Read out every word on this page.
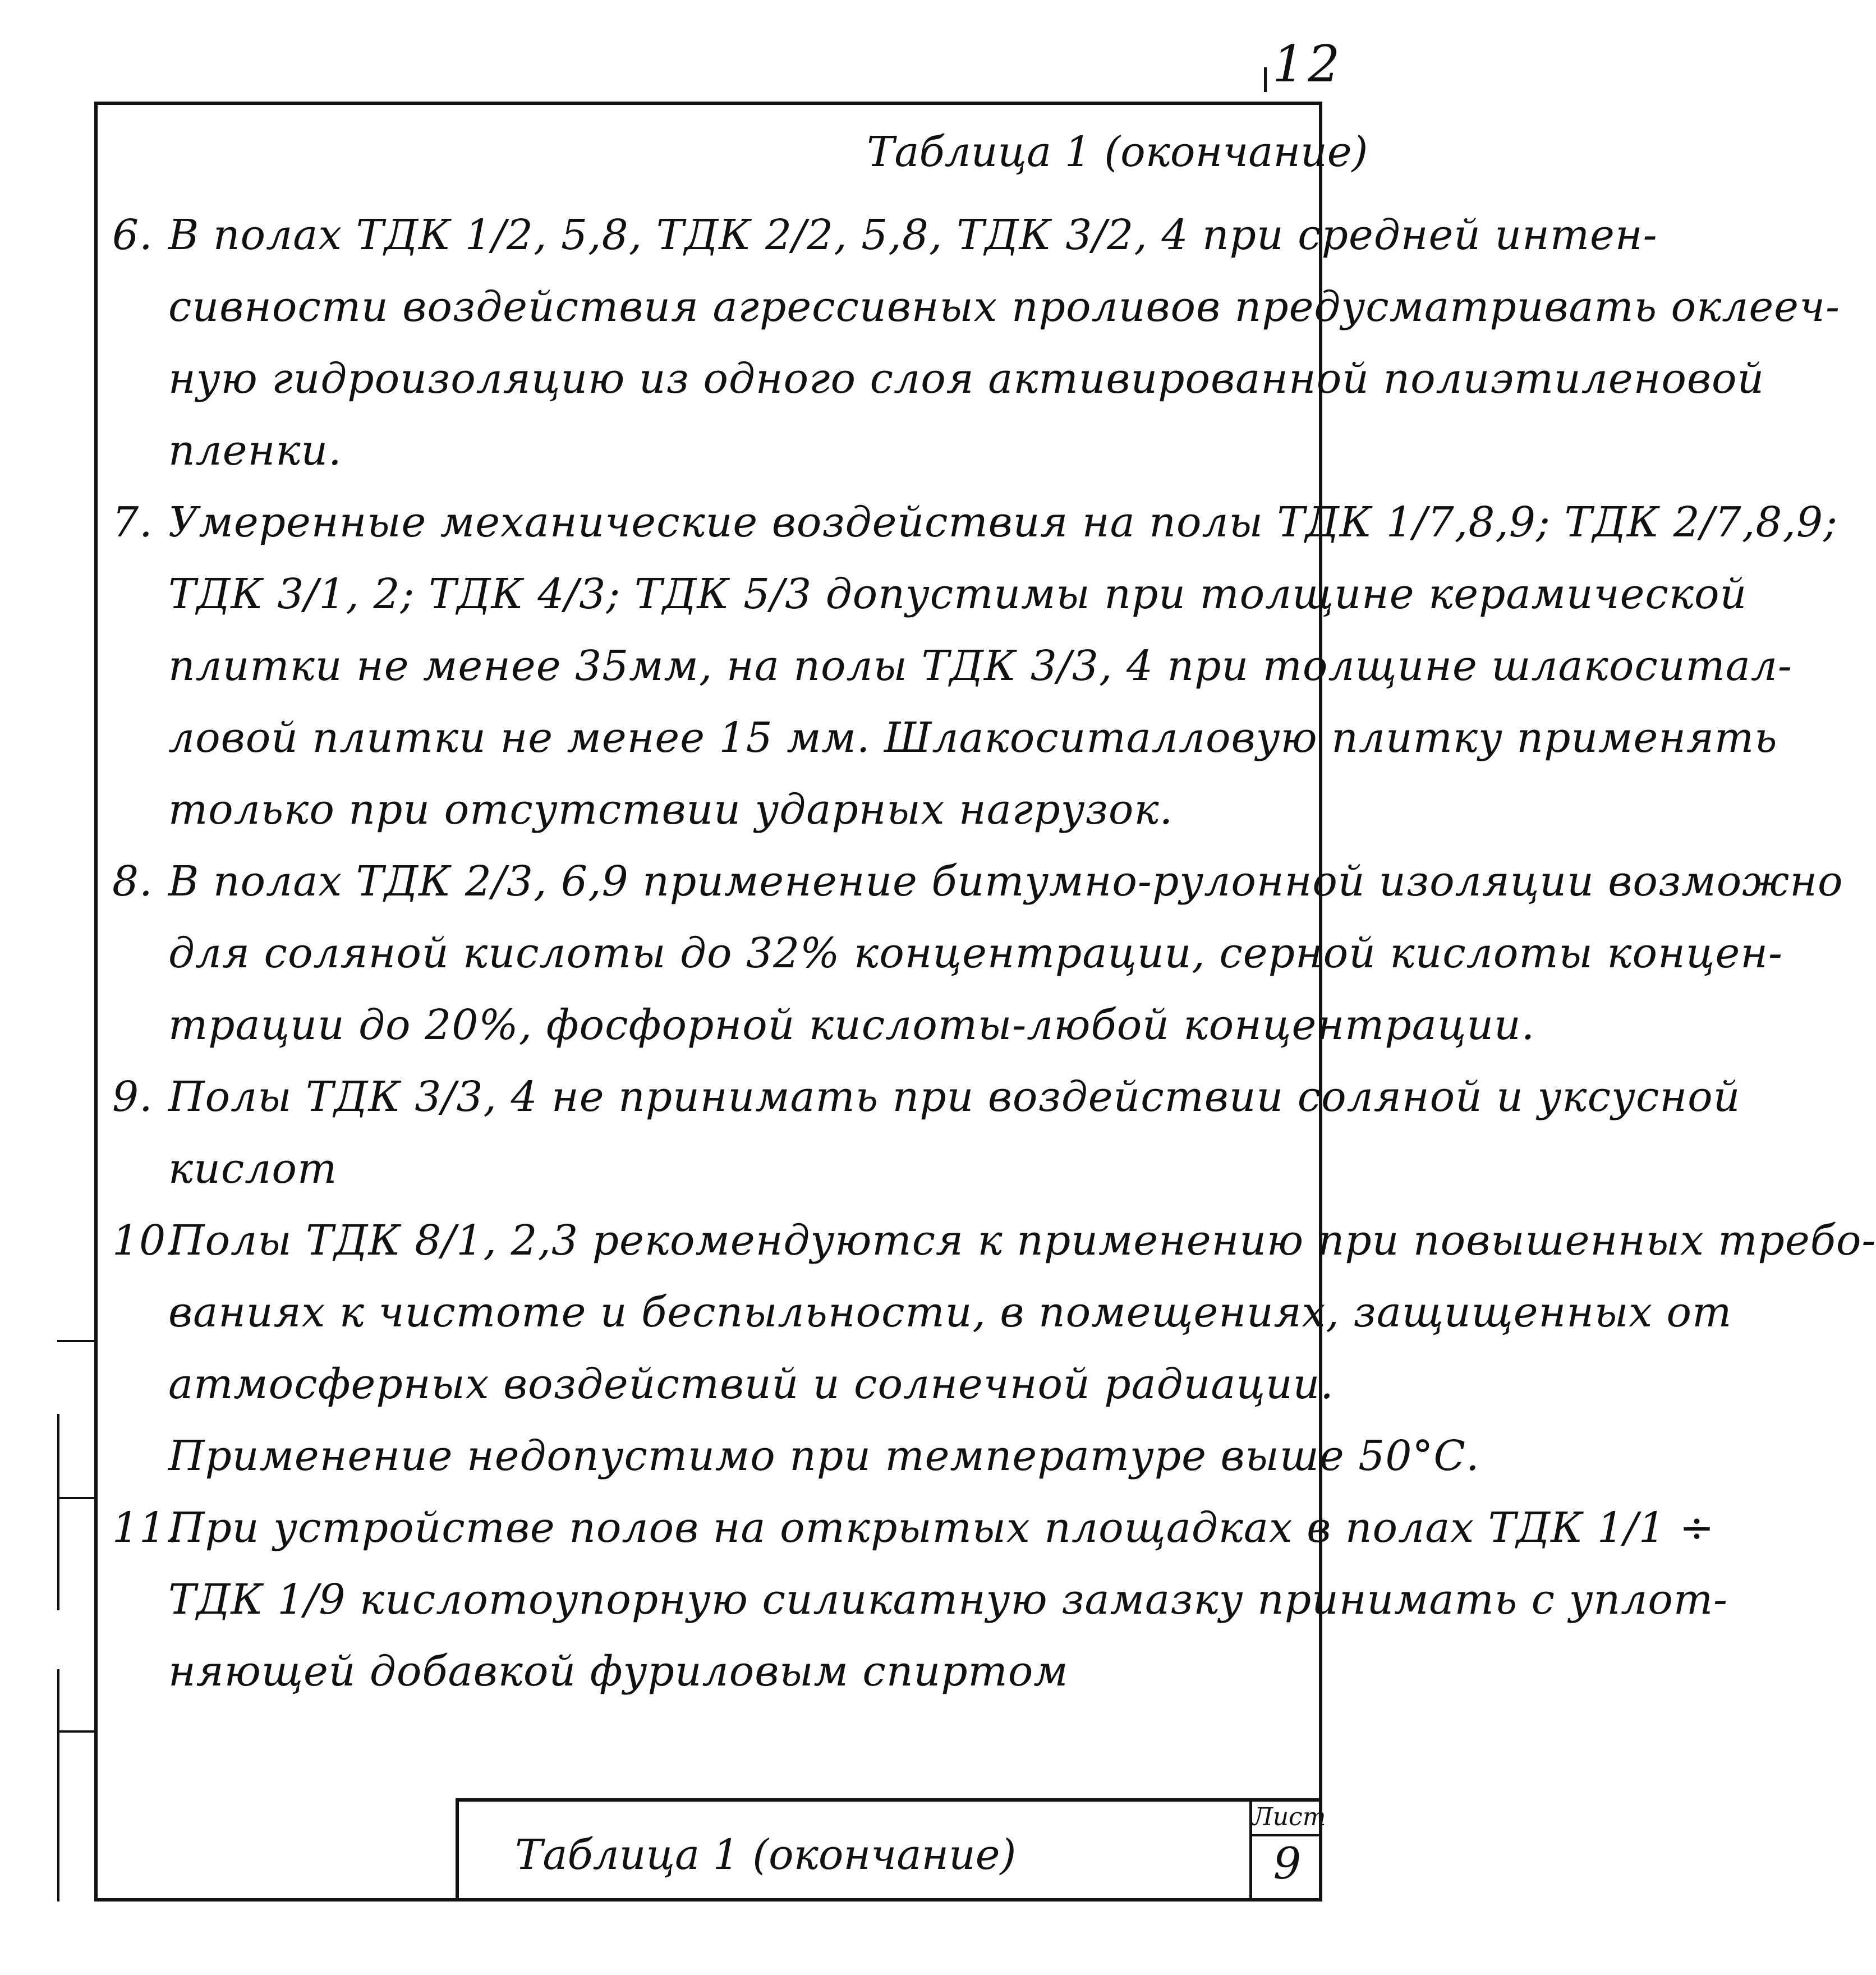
12
Таблица 1 (окончание)
6. В полах ТДК 1/2, 5,8, ТДК 2/2, 5,8, ТДК 3/2, 4 при средней интен-
сивности воздействия агрессивных проливов предусматривать оклееч-
ную гидроизоляцию из одного слоя активированной полиэтиленовой
пленки.
7. Умеренные механические воздействия на полы ТДК 1/7,8,9; ТДК 2/7,8,9;
ТДК 3/1, 2; ТДК 4/3; ТДК 5/3 допустимы при толщине керамической
плитки не менее 35мм, на полы ТДК 3/3, 4 при толщине шлакоситал-
ловой плитки не менее 15 мм. Шлакоситалловую плитку применять
только при отсутствии ударных нагрузок.
8. В полах ТДК 2/3, 6,9 применение битумно-рулонной изоляции возможно
для соляной кислоты до 32% концентрации, серной кислоты концен-
трации до 20%, фосфорной кислоты-любой концентрации.
9. Полы ТДК 3/3, 4 не принимать при воздействии соляной и уксусной
кислот
10.
Полы ТДК 8/1, 2,3 рекомендуются к применению при повышенных требо-
ваниях к чистоте и беспыльности, в помещениях, защищенных от
атмосферных воздействий и солнечной радиации.
Применение недопустимо при температуре выше 50°С.
11.
При устройстве полов на открытых площадках в полах ТДК 1/1 ÷
ТДК 1/9 кислотоупорную силикатную замазку принимать с уплот-
няющей добавкой фуриловым спиртом
Таблица 1 (окончание)
Лист
9
